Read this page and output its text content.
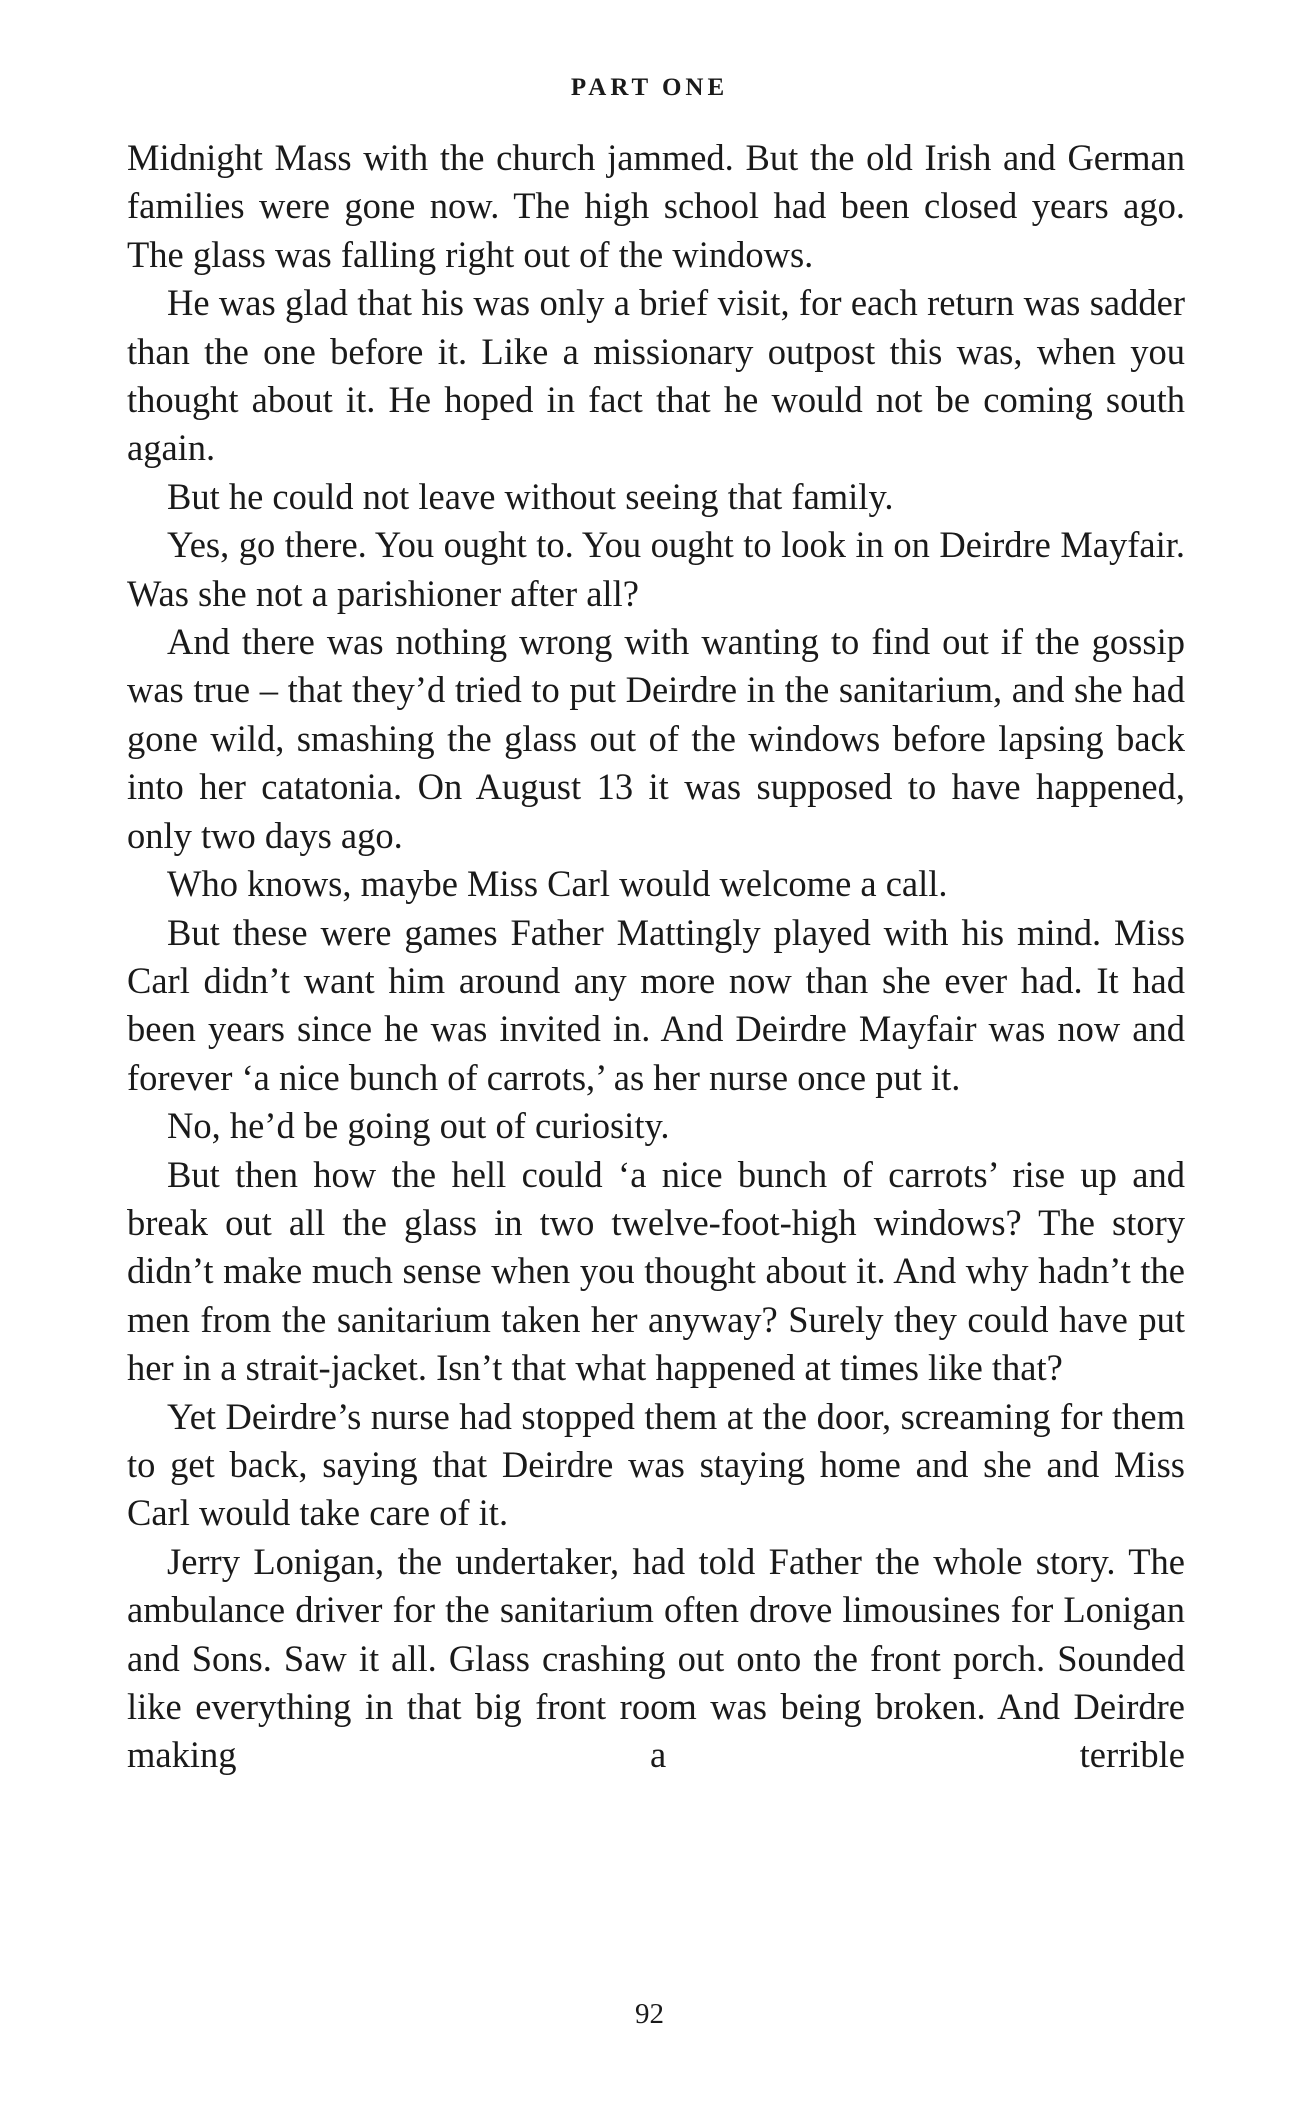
PART ONE

Midnight Mass with the church jammed. But the old Irish and German families were gone now. The high school had been closed years ago. The glass was falling right out of the windows.

He was glad that his was only a brief visit, for each return was sadder than the one before it. Like a missionary outpost this was, when you thought about it. He hoped in fact that he would not be coming south again.

But he could not leave without seeing that family.

Yes, go there. You ought to. You ought to look in on Deirdre Mayfair. Was she not a parishioner after all?

And there was nothing wrong with wanting to find out if the gossip was true – that they’d tried to put Deirdre in the sanitarium, and she had gone wild, smashing the glass out of the windows before lapsing back into her catatonia. On August 13 it was supposed to have happened, only two days ago.

Who knows, maybe Miss Carl would welcome a call.

But these were games Father Mattingly played with his mind. Miss Carl didn’t want him around any more now than she ever had. It had been years since he was invited in. And Deirdre Mayfair was now and forever ‘a nice bunch of carrots,’ as her nurse once put it.

No, he’d be going out of curiosity.

But then how the hell could ‘a nice bunch of carrots’ rise up and break out all the glass in two twelve-foot-high windows? The story didn’t make much sense when you thought about it. And why hadn’t the men from the sanitarium taken her anyway? Surely they could have put her in a strait-jacket. Isn’t that what happened at times like that?

Yet Deirdre’s nurse had stopped them at the door, screaming for them to get back, saying that Deirdre was staying home and she and Miss Carl would take care of it.

Jerry Lonigan, the undertaker, had told Father the whole story. The ambulance driver for the sanitarium often drove limousines for Lonigan and Sons. Saw it all. Glass crashing out onto the front porch. Sounded like everything in that big front room was being broken. And Deirdre making a terrible

92
